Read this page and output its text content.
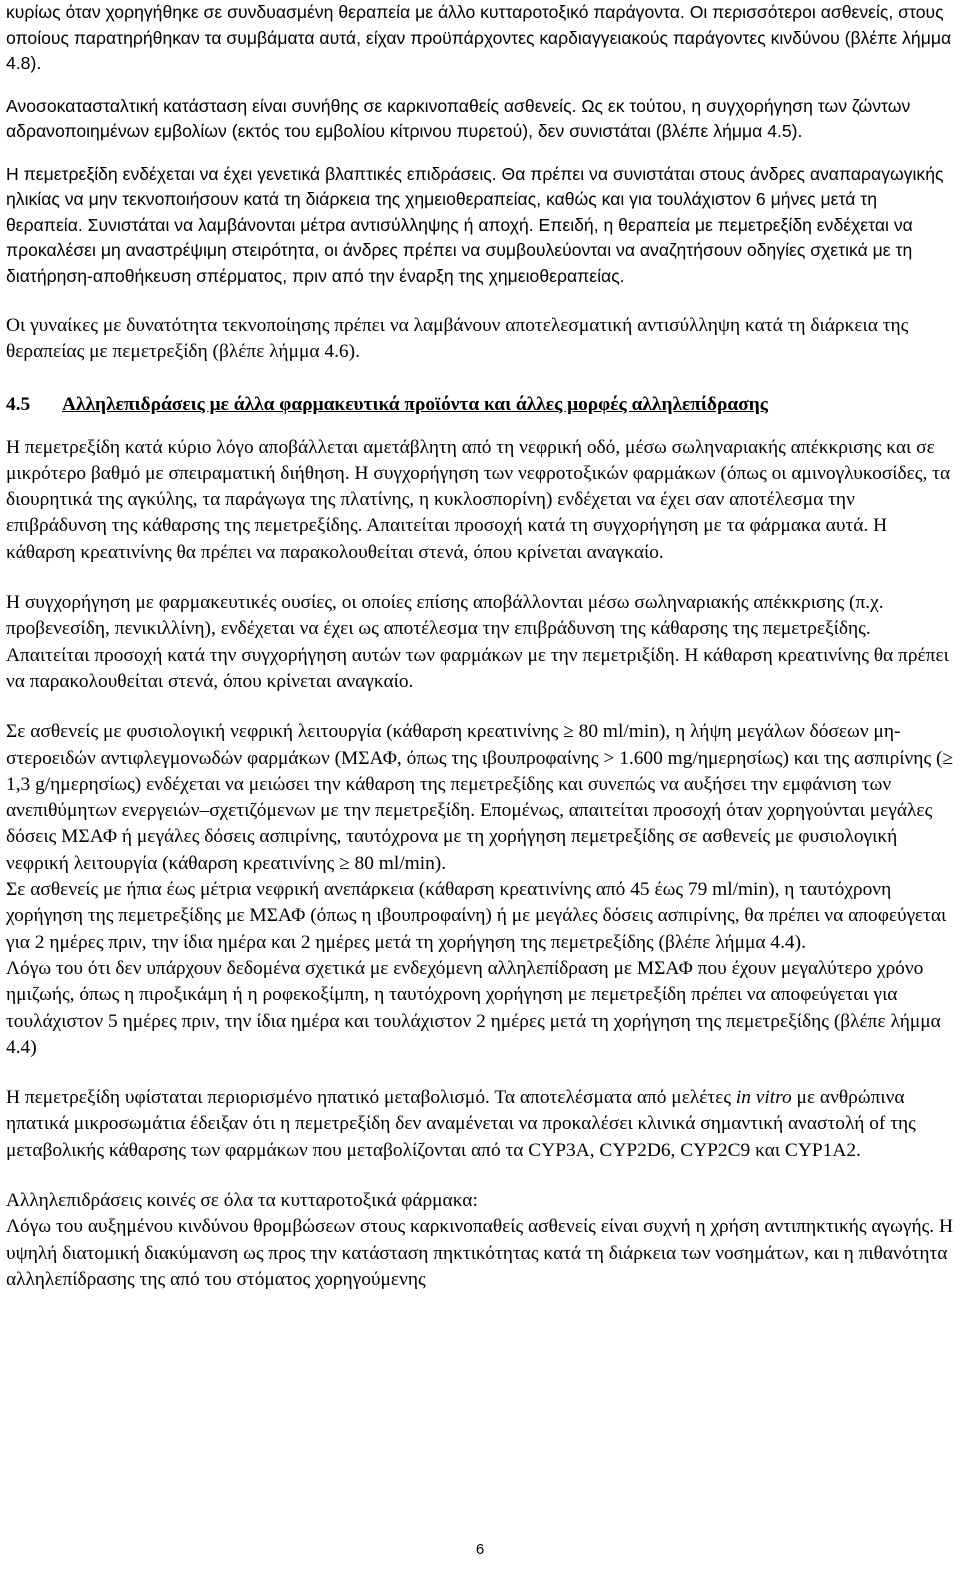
κυρίως όταν χορηγήθηκε σε συνδυασμένη θεραπεία με άλλο κυτταροτοξικό παράγοντα. Οι περισσότεροι ασθενείς, στους οποίους παρατηρήθηκαν τα συμβάματα αυτά, είχαν προϋπάρχοντες καρδιαγγειακούς παράγοντες κινδύνου (βλέπε λήμμα 4.8).

Ανοσοκατασταλτική κατάσταση είναι συνήθης σε καρκινοπαθείς ασθενείς. Ως εκ τούτου, η συγχορήγηση των ζώντων αδρανοποιημένων εμβολίων (εκτός του εμβολίου κίτρινου πυρετού), δεν συνιστάται (βλέπε λήμμα 4.5).

Η πεμετρεξίδη ενδέχεται να έχει γενετικά βλαπτικές επιδράσεις. Θα πρέπει να συνιστάται στους άνδρες αναπαραγωγικής ηλικίας να μην τεκνοποιήσουν κατά τη διάρκεια της χημειοθεραπείας, καθώς και για τουλάχιστον 6 μήνες μετά τη θεραπεία. Συνιστάται να λαμβάνονται μέτρα αντισύλληψης ή αποχή. Επειδή, η θεραπεία με πεμετρεξίδη ενδέχεται να προκαλέσει μη αναστρέψιμη στειρότητα, οι άνδρες πρέπει να συμβουλεύονται να αναζητήσουν οδηγίες σχετικά με τη διατήρηση-αποθήκευση σπέρματος, πριν από την έναρξη της χημειοθεραπείας.

Οι γυναίκες με δυνατότητα τεκνοποίησης πρέπει να λαμβάνουν αποτελεσματική αντισύλληψη κατά τη διάρκεια της θεραπείας με πεμετρεξίδη (βλέπε λήμμα 4.6).

4.5	Αλληλεπιδράσεις με άλλα φαρμακευτικά προϊόντα και άλλες μορφές αλληλεπίδρασης

Η πεμετρεξίδη κατά κύριο λόγο αποβάλλεται αμετάβλητη από τη νεφρική οδό, μέσω σωληναριακής απέκκρισης και σε μικρότερο βαθμό με σπειραματική διήθηση. Η συγχορήγηση των νεφροτοξικών φαρμάκων (όπως οι αμινογλυκοσίδες, τα διουρητικά της αγκύλης, τα παράγωγα της πλατίνης, η κυκλοσπορίνη) ενδέχεται να έχει σαν αποτέλεσμα την επιβράδυνση της κάθαρσης της πεμετρεξίδης. Απαιτείται προσοχή κατά τη συγχορήγηση με τα φάρμακα αυτά. Η κάθαρση κρεατινίνης θα πρέπει να παρακολουθείται στενά, όπου κρίνεται αναγκαίο.

Η συγχορήγηση με φαρμακευτικές ουσίες, οι οποίες επίσης αποβάλλονται μέσω σωληναριακής απέκκρισης (π.χ. προβενεσίδη, πενικιλλίνη), ενδέχεται να έχει ως αποτέλεσμα την επιβράδυνση της κάθαρσης της πεμετρεξίδης. Απαιτείται προσοχή κατά την συγχορήγηση αυτών των φαρμάκων με την πεμετριξίδη. Η κάθαρση κρεατινίνης θα πρέπει να παρακολουθείται στενά, όπου κρίνεται αναγκαίο.

Σε ασθενείς με φυσιολογική νεφρική λειτουργία (κάθαρση κρεατινίνης ≥ 80 ml/min), η λήψη μεγάλων δόσεων μη-στεροειδών αντιφλεγμονωδών φαρμάκων (ΜΣΑΦ, όπως της ιβουπροφαίνης > 1.600 mg/ημερησίως) και της ασπιρίνης (≥ 1,3 g/ημερησίως) ενδέχεται να μειώσει την κάθαρση της πεμετρεξίδης και συνεπώς να αυξήσει την εμφάνιση των ανεπιθύμητων ενεργειών–σχετιζόμενων με την πεμετρεξίδη. Επομένως, απαιτείται προσοχή όταν χορηγούνται μεγάλες δόσεις ΜΣΑΦ ή μεγάλες δόσεις ασπιρίνης, ταυτόχρονα με τη χορήγηση πεμετρεξίδης σε ασθενείς με φυσιολογική νεφρική λειτουργία (κάθαρση κρεατινίνης ≥ 80 ml/min).

Σε ασθενείς με ήπια έως μέτρια νεφρική ανεπάρκεια (κάθαρση κρεατινίνης από 45 έως 79 ml/min), η ταυτόχρονη χορήγηση της πεμετρεξίδης με ΜΣΑΦ (όπως η ιβουπροφαίνη) ή με μεγάλες δόσεις ασπιρίνης, θα πρέπει να αποφεύγεται για 2 ημέρες πριν, την ίδια ημέρα και 2 ημέρες μετά τη χορήγηση της πεμετρεξίδης (βλέπε λήμμα 4.4).

Λόγω του ότι δεν υπάρχουν δεδομένα σχετικά με ενδεχόμενη αλληλεπίδραση με ΜΣΑΦ που έχουν μεγαλύτερο χρόνο ημιζωής, όπως η πιροξικάμη ή η ροφεκοξίμπη, η ταυτόχρονη χορήγηση με πεμετρεξίδη πρέπει να αποφεύγεται για τουλάχιστον 5 ημέρες πριν, την ίδια ημέρα και τουλάχιστον 2 ημέρες μετά τη χορήγηση της πεμετρεξίδης (βλέπε λήμμα 4.4)

Η πεμετρεξίδη υφίσταται περιορισμένο ηπατικό μεταβολισμό. Τα αποτελέσματα από μελέτες in vitro με ανθρώπινα ηπατικά μικροσωμάτια έδειξαν ότι η πεμετρεξίδη δεν αναμένεται να προκαλέσει κλινικά σημαντική αναστολή of της μεταβολικής κάθαρσης των φαρμάκων που μεταβολίζονται από τα CYP3A, CYP2D6, CYP2C9 και CYP1A2.

Αλληλεπιδράσεις κοινές σε όλα τα κυτταροτοξικά φάρμακα:

Λόγω του αυξημένου κινδύνου θρομβώσεων στους καρκινοπαθείς ασθενείς είναι συχνή η χρήση αντιπηκτικής αγωγής. Η υψηλή διατομική διακύμανση ως προς την κατάσταση πηκτικότητας κατά τη διάρκεια των νοσημάτων, και η πιθανότητα αλληλεπίδρασης της από του στόματος χορηγούμενης

6
